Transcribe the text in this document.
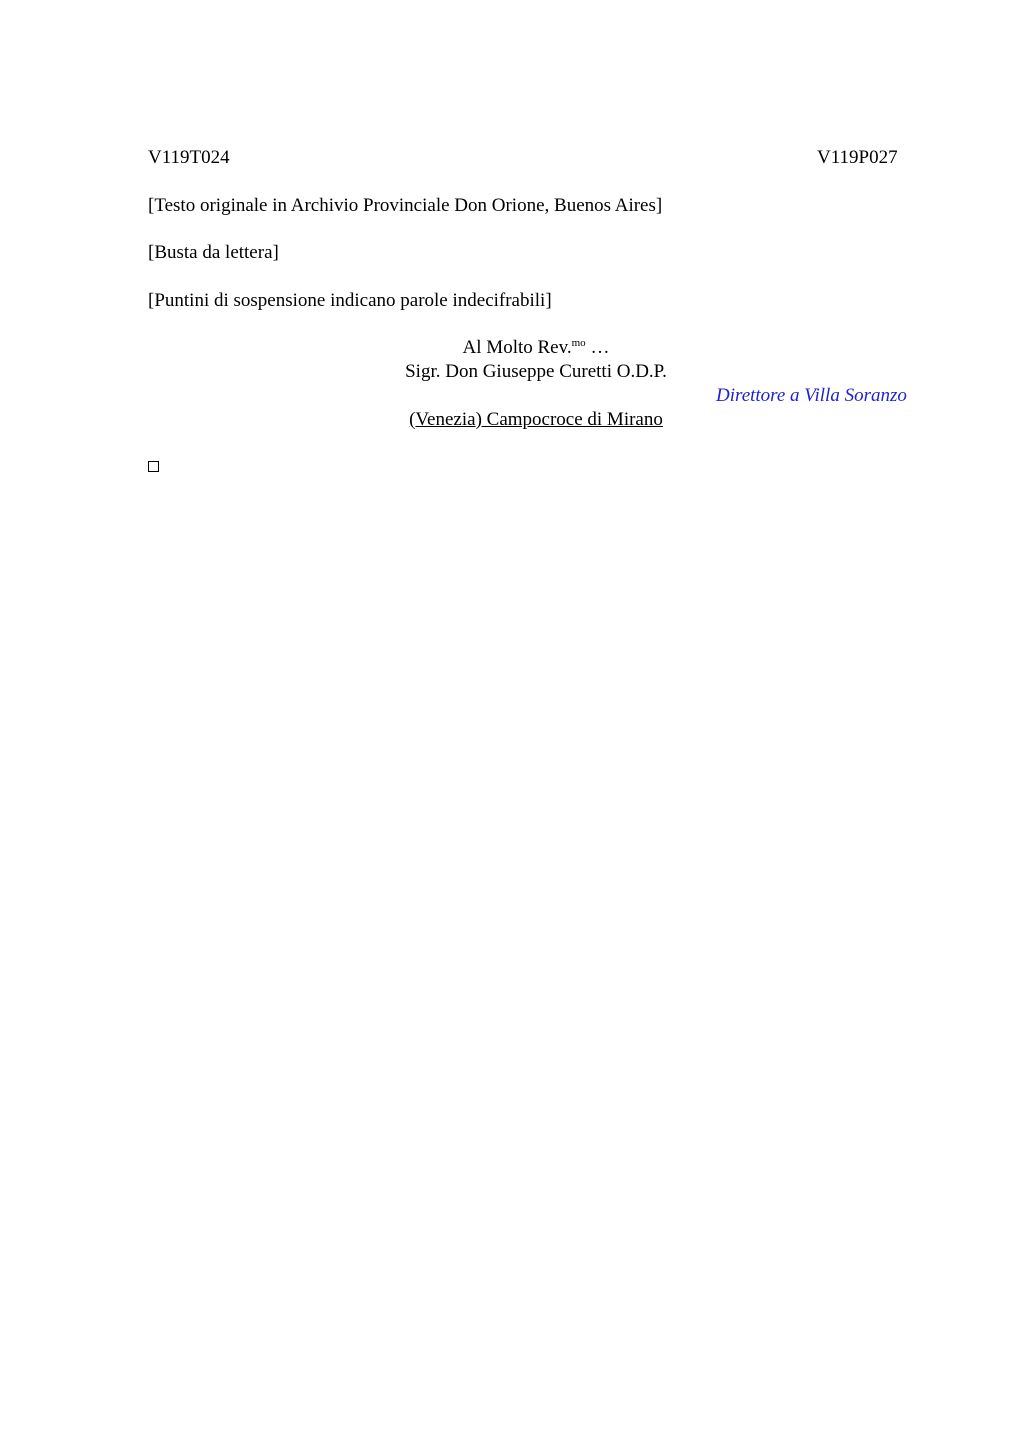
V119T024	V119P027
[Testo originale in Archivio Provinciale Don Orione, Buenos Aires]
[Busta da lettera]
[Puntini di sospensione indicano parole indecifrabili]
Al Molto Rev.$^{mo}$ …
Sigr. Don Giuseppe Curetti O.D.P.
Direttore a Villa Soranzo
(Venezia) Campocroce di Mirano
